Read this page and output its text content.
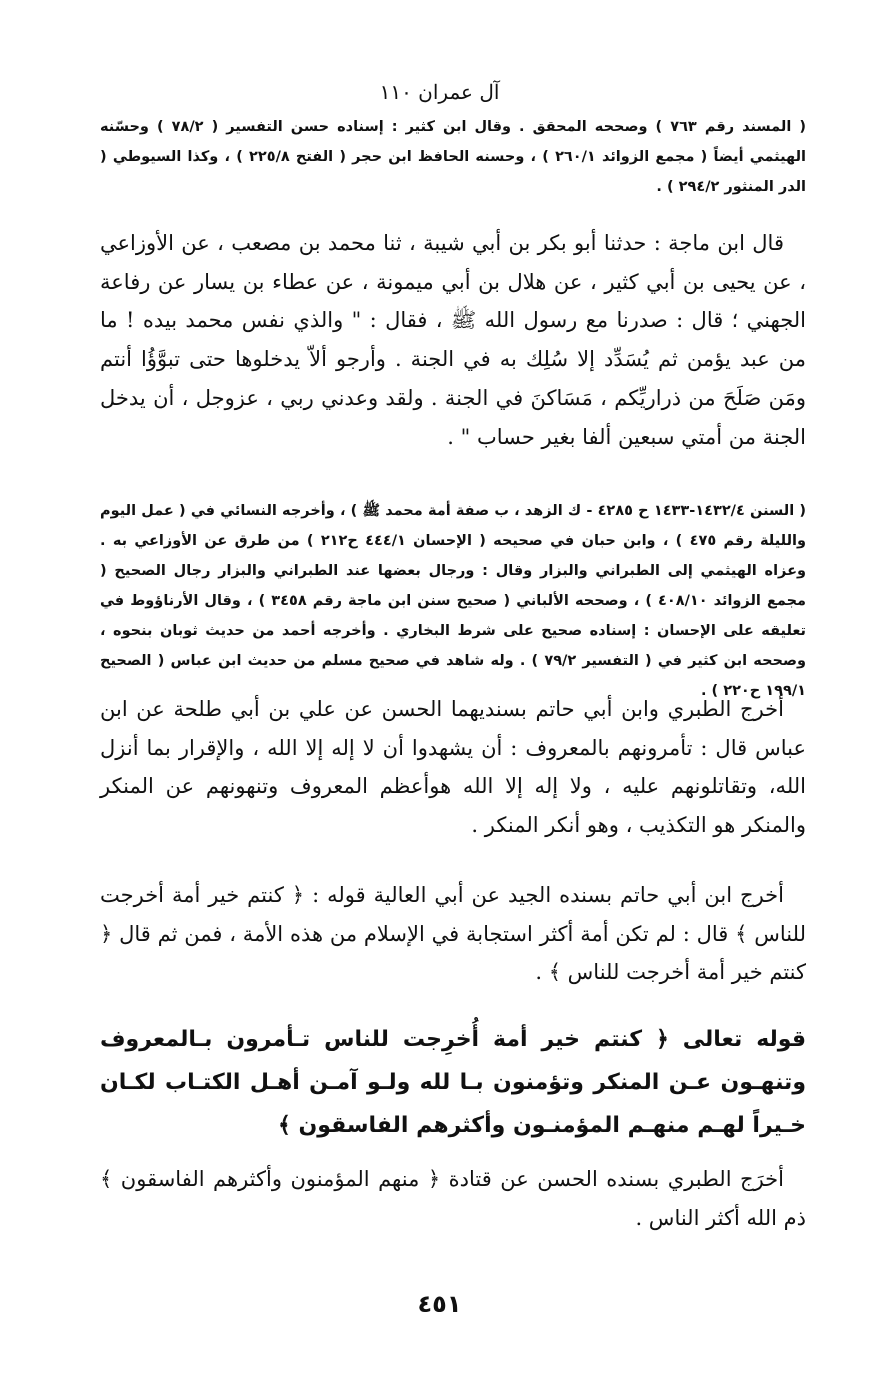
آل عمران ١١٠

( المسند رقم ٧٦٣ ) وصححه المحقق . وقال ابن كثير : إسناده حسن التفسير ( ٧٨/٢ ) وحسّنه الهيثمي أيضاً ( مجمع الزوائد ٢٦٠/١ ) ، وحسنه الحافظ ابن حجر ( الفتح ٢٢٥/٨ ) ، وكذا السيوطي ( الدر المنثور ٢٩٤/٢ ) .

قال ابن ماجة : حدثنا أبو بكر بن أبي شيبة ، ثنا محمد بن مصعب ، عن الأوزاعي ، عن يحيى بن أبي كثير ، عن هلال بن أبي ميمونة ، عن عطاء بن يسار عن رفاعة الجهني ؛ قال : صدرنا مع رسول الله ﷺ ، فقال : " والذي نفس محمد بيده ! ما من عبد يؤمن ثم يُسَدِّد إلا سُلِك به في الجنة . وأرجو ألاّ يدخلوها حتى تبوَّؤُا أنتم ومَن صَلَحَ من ذراريِّكم ، مَسَاكنَ في الجنة . ولقد وعدني ربي ، عزوجل ، أن يدخل الجنة من أمتي سبعين ألفا بغير حساب " .

( السنن ١٤٣٢/٤-١٤٣٣ ح ٤٢٨٥ - ك الزهد ، ب صفة أمة محمد ﷺ ) ، وأخرجه النسائي في ( عمل اليوم والليلة رقم ٤٧٥ ) ، وابن حبان في صحيحه ( الإحسان ٤٤٤/١ ح٢١٢ ) من طرق عن الأوزاعي به . وعزاه الهيثمي إلى الطبراني والبزار وقال : ورجال بعضها عند الطبراني والبزار رجال الصحيح ( مجمع الزوائد ٤٠٨/١٠ ) ، وصححه الألباني ( صحيح سنن ابن ماجة رقم ٣٤٥٨ ) ، وقال الأرناؤوط في تعليقه على الإحسان : إسناده صحيح على شرط البخاري . وأخرجه أحمد من حديث ثوبان بنحوه ، وصححه ابن كثير في ( التفسير ٧٩/٢ ) . وله شاهد في صحيح مسلم من حديث ابن عباس ( الصحيح ١٩٩/١ ح٢٢٠ ) .

أخرج الطبري وابن أبي حاتم بسنديهما الحسن عن علي بن أبي طلحة عن ابن عباس قال : تأمرونهم بالمعروف : أن يشهدوا أن لا إله إلا الله ، والإقرار بما أنزل الله، وتقاتلونهم عليه ، ولا إله إلا الله هوأعظم المعروف وتنهونهم عن المنكر والمنكر هو التكذيب ، وهو أنكر المنكر .

أخرج ابن أبي حاتم بسنده الجيد عن أبي العالية قوله : ﴿ كنتم خير أمة أخرجت للناس ﴾ قال : لم تكن أمة أكثر استجابة في الإسلام من هذه الأمة ، فمن ثم قال ﴿ كنتم خير أمة أخرجت للناس ﴾ .

قوله تعالى ﴿ كنتم خير أمة أُخرِجت للناس تـأمرون بـالمعروف وتنهـون عـن المنكر وتؤمنون بـا لله ولـو آمـن أهـل الكتـاب لكـان خـيراً لهـم منهـم المؤمنـون وأكثرهم الفاسقون ﴾

أخرَج الطبري بسنده الحسن عن قتادة ﴿ منهم المؤمنون وأكثرهم الفاسقون ﴾ ذم الله أكثر الناس .

٤٥١
